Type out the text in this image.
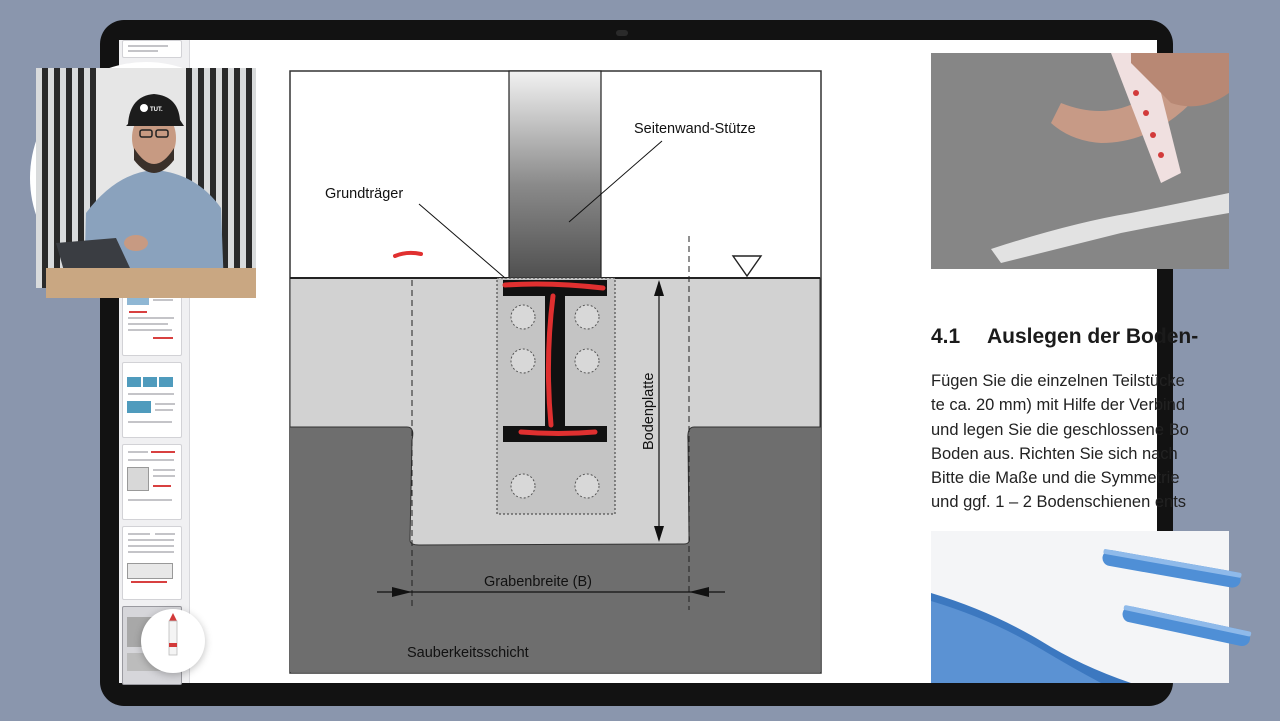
Seitenwand-Stütze
Grundträger
Bodenplatte
Grabenbreite (B)
Sauberkeitsschicht
4.1 Auslegen der Boden-
Fügen Sie die einzelnen Teilstücke
te ca. 20 mm) mit Hilfe der Verbind
und legen Sie die geschlossene Bo
Boden aus. Richten Sie sich nach
Bitte die Maße und die Symmetrie
und ggf. 1 – 2 Bodenschienen ents
TUT.
